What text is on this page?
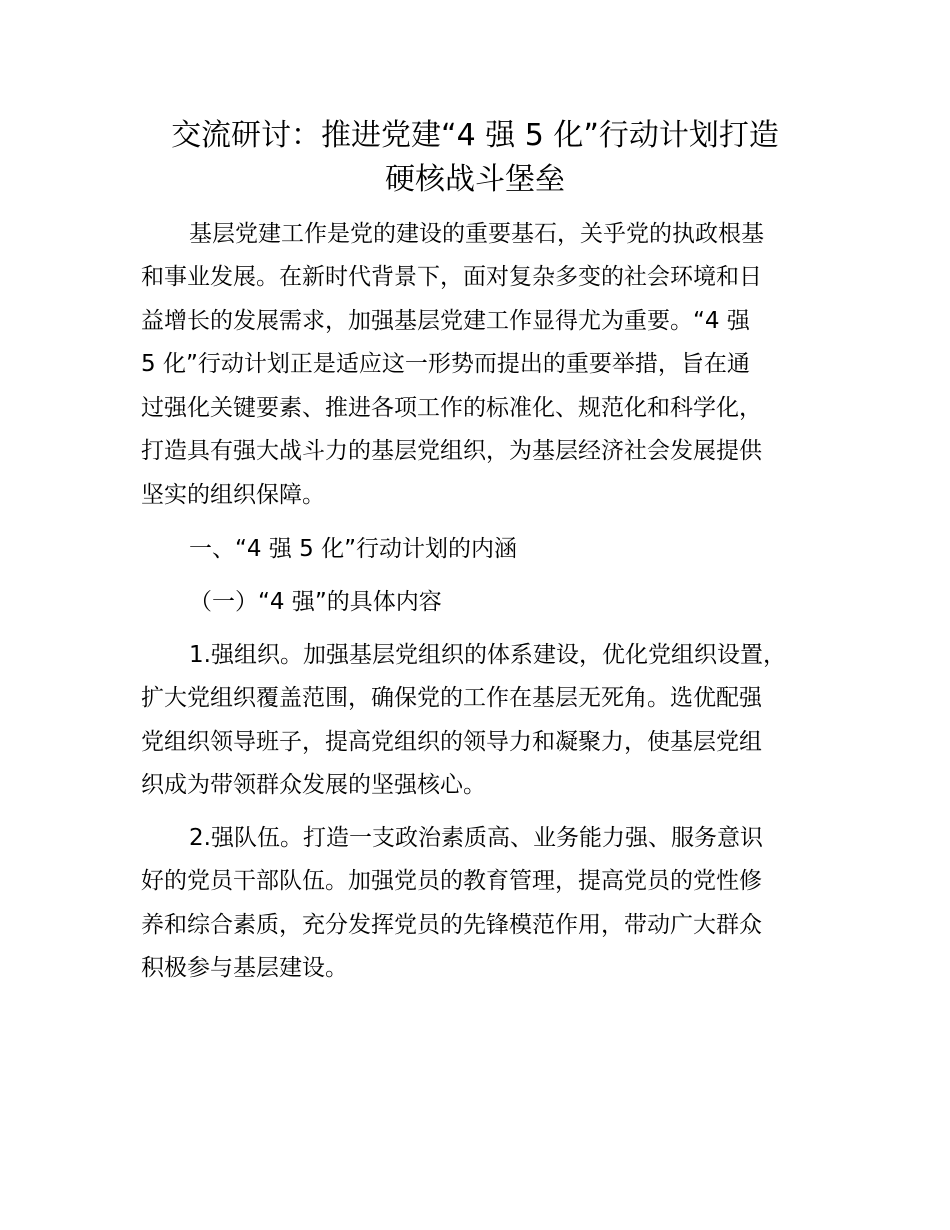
交流研讨：推进党建“4 强 5 化”行动计划打造
硬核战斗堡垒

基层党建工作是党的建设的重要基石，关乎党的执政根基

和事业发展。在新时代背景下，面对复杂多变的社会环境和日

益增长的发展需求，加强基层党建工作显得尤为重要。“4 强

5 化”行动计划正是适应这一形势而提出的重要举措，旨在通

过强化关键要素、推进各项工作的标准化、规范化和科学化，

打造具有强大战斗力的基层党组织，为基层经济社会发展提供

坚实的组织保障。

一、“4 强 5 化”行动计划的内涵

（一）“4 强”的具体内容

1.强组织。加强基层党组织的体系建设，优化党组织设置，

扩大党组织覆盖范围，确保党的工作在基层无死角。选优配强

党组织领导班子，提高党组织的领导力和凝聚力，使基层党组

织成为带领群众发展的坚强核心。

2.强队伍。打造一支政治素质高、业务能力强、服务意识

好的党员干部队伍。加强党员的教育管理，提高党员的党性修

养和综合素质，充分发挥党员的先锋模范作用，带动广大群众

积极参与基层建设。
